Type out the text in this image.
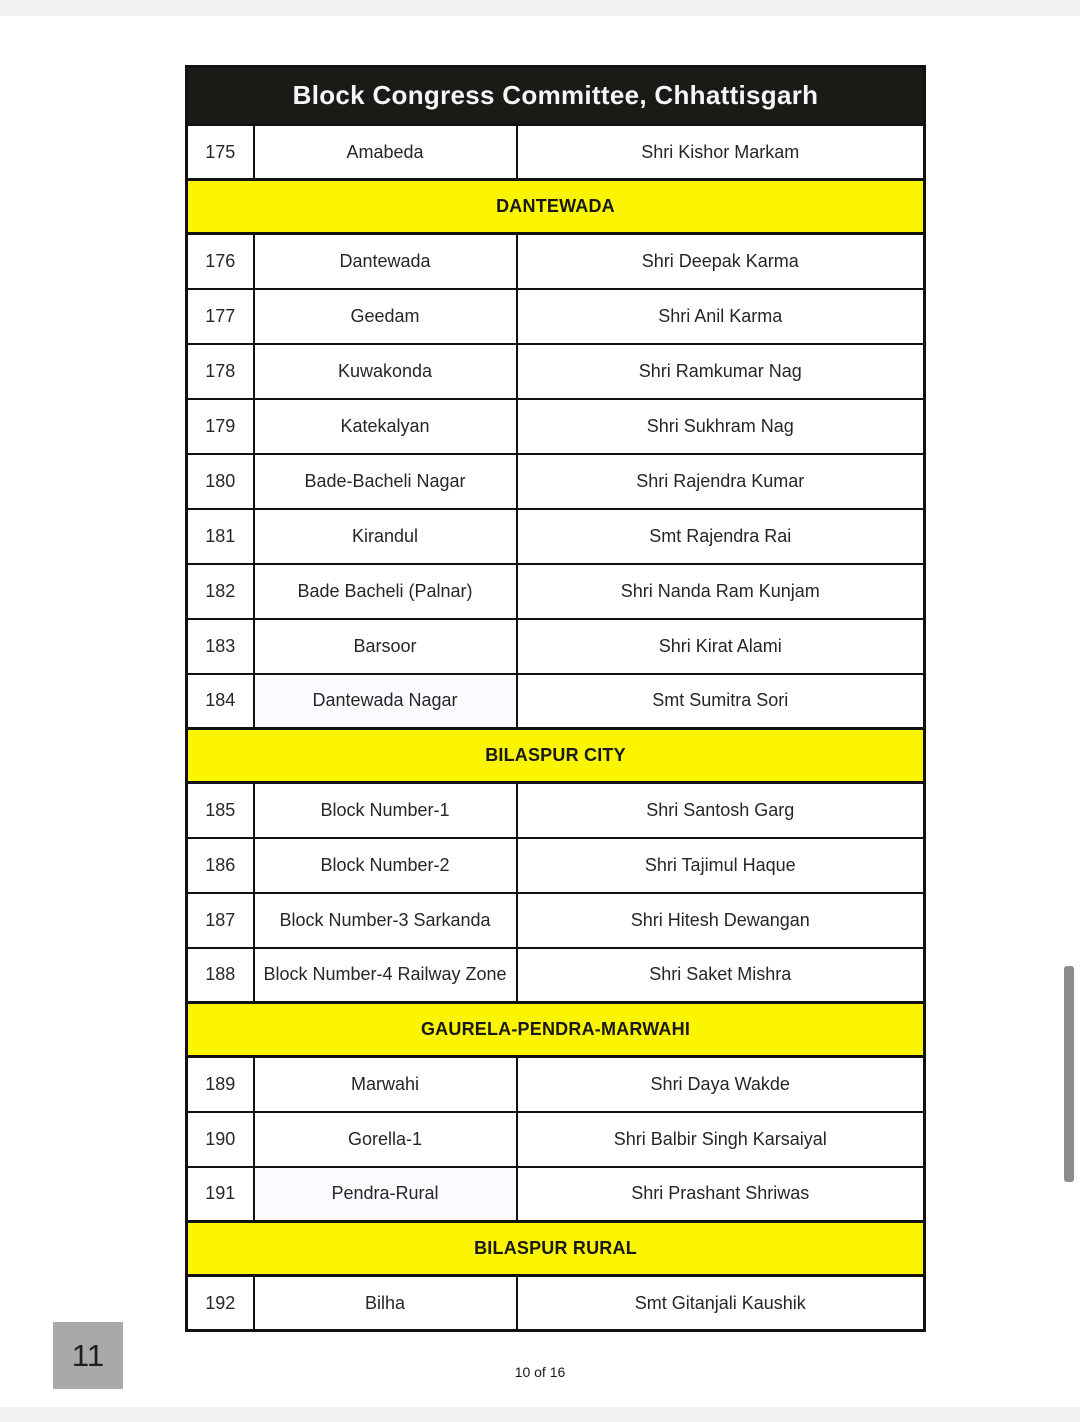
Block Congress Committee, Chhattisgarh		
175	Amabeda	Shri Kishor Markam
DANTEWADA		
176	Dantewada	Shri Deepak Karma
177	Geedam	Shri Anil Karma
178	Kuwakonda	Shri Ramkumar Nag
179	Katekalyan	Shri Sukhram Nag
180	Bade-Bacheli Nagar	Shri Rajendra Kumar
181	Kirandul	Smt Rajendra Rai
182	Bade Bacheli (Palnar)	Shri Nanda Ram Kunjam
183	Barsoor	Shri Kirat Alami
184	Dantewada Nagar	Smt Sumitra Sori
BILASPUR CITY		
185	Block Number-1	Shri Santosh Garg
186	Block Number-2	Shri Tajimul Haque
187	Block Number-3 Sarkanda	Shri Hitesh Dewangan
188	Block Number-4 Railway Zone	Shri Saket Mishra
GAURELA-PENDRA-MARWAHI		
189	Marwahi	Shri Daya Wakde
190	Gorella-1	Shri Balbir Singh Karsaiyal
191	Pendra-Rural	Shri Prashant Shriwas
BILASPUR RURAL		
192	Bilha	Smt Gitanjali Kaushik
11	10 of 16
